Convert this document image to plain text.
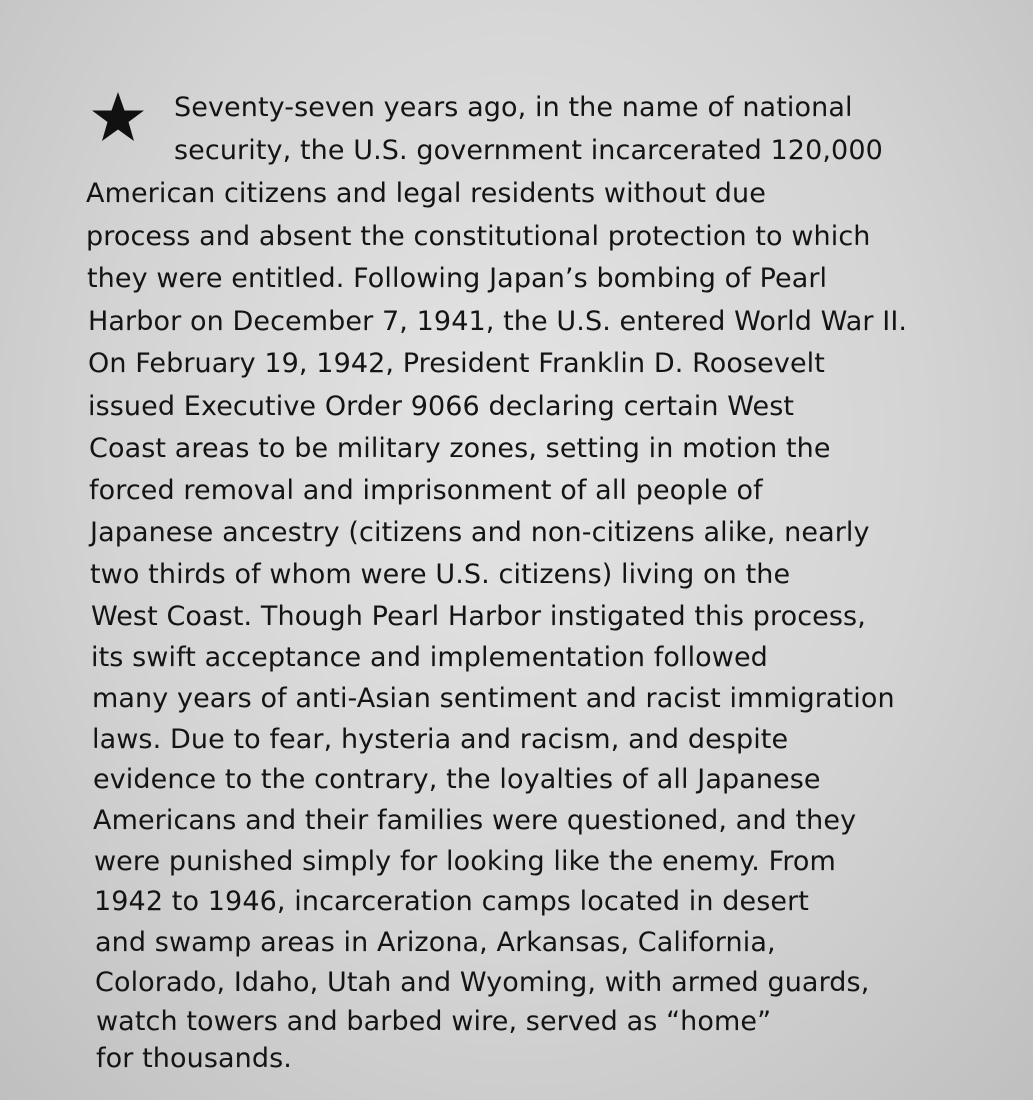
Seventy-seven years ago, in the name of national
security, the U.S. government incarcerated 120,000
American citizens and legal residents without due
process and absent the constitutional protection to which
they were entitled. Following Japan’s bombing of Pearl
Harbor on December 7, 1941, the U.S. entered World War II.
On February 19, 1942, President Franklin D. Roosevelt
issued Executive Order 9066 declaring certain West
Coast areas to be military zones, setting in motion the
forced removal and imprisonment of all people of
Japanese ancestry (citizens and non-citizens alike, nearly
two thirds of whom were U.S. citizens) living on the
West Coast. Though Pearl Harbor instigated this process,
its swift acceptance and implementation followed
many years of anti-Asian sentiment and racist immigration
laws. Due to fear, hysteria and racism, and despite
evidence to the contrary, the loyalties of all Japanese
Americans and their families were questioned, and they
were punished simply for looking like the enemy. From
1942 to 1946, incarceration camps located in desert
and swamp areas in Arizona, Arkansas, California,
Colorado, Idaho, Utah and Wyoming, with armed guards,
watch towers and barbed wire, served as “home”
for thousands.
